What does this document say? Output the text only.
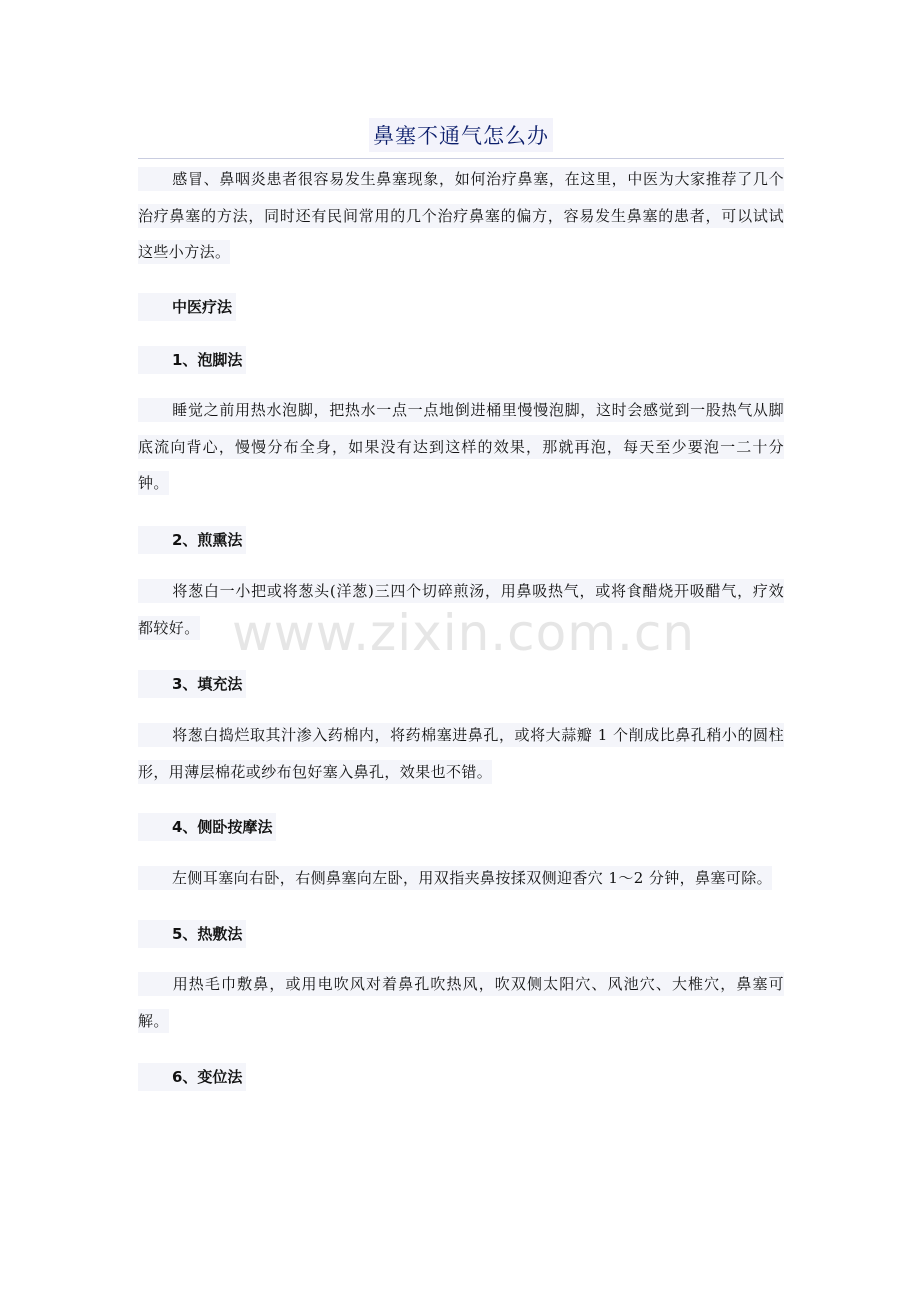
鼻塞不通气怎么办

感冒、鼻咽炎患者很容易发生鼻塞现象，如何治疗鼻塞，在这里，中医为大家推荐了几个治疗鼻塞的方法，同时还有民间常用的几个治疗鼻塞的偏方，容易发生鼻塞的患者，可以试试这些小方法。

中医疗法
1、泡脚法

睡觉之前用热水泡脚，把热水一点一点地倒进桶里慢慢泡脚，这时会感觉到一股热气从脚底流向背心，慢慢分布全身，如果没有达到这样的效果，那就再泡，每天至少要泡一二十分钟。

2、煎熏法

将葱白一小把或将葱头(洋葱)三四个切碎煎汤，用鼻吸热气，或将食醋烧开吸醋气，疗效都较好。

3、填充法

将葱白捣烂取其汁渗入药棉内，将药棉塞进鼻孔，或将大蒜瓣 1 个削成比鼻孔稍小的圆柱形，用薄层棉花或纱布包好塞入鼻孔，效果也不错。

4、侧卧按摩法

左侧耳塞向右卧，右侧鼻塞向左卧，用双指夹鼻按揉双侧迎香穴 1～2 分钟，鼻塞可除。

5、热敷法

用热毛巾敷鼻，或用电吹风对着鼻孔吹热风，吹双侧太阳穴、风池穴、大椎穴，鼻塞可解。

6、变位法
www.zixin.com.cn
